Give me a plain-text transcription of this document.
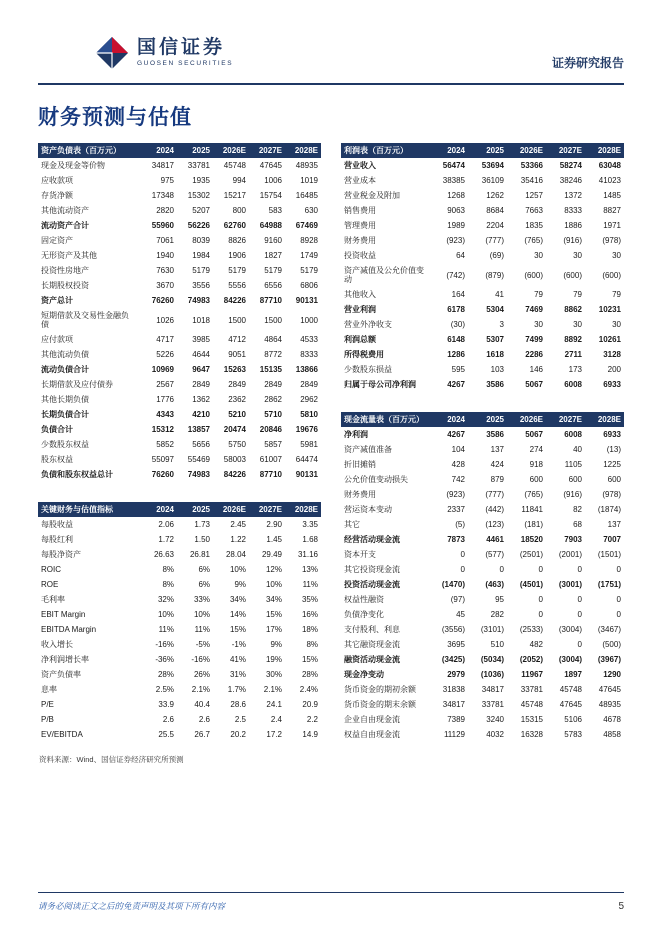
国信证券
GUOSEN SECURITIES	证券研究报告
财务预测与估值
资产负债表（百万元）	2024	2025	2026E	2027E	2028E
现金及现金等价物	34817	33781	45748	47645	48935
应收款项	975	1935	994	1006	1019
存货净额	17348	15302	15217	15754	16485
其他流动资产	2820	5207	800	583	630
流动资产合计	55960	56226	62760	64988	67469
固定资产	7061	8039	8826	9160	8928
无形资产及其他	1940	1984	1906	1827	1749
投资性房地产	7630	5179	5179	5179	5179
长期股权投资	3670	3556	5556	6556	6806
资产总计	76260	74983	84226	87710	90131
短期借款及交易性金融负债	1026	1018	1500	1500	1000
应付款项	4717	3985	4712	4864	4533
其他流动负债	5226	4644	9051	8772	8333
流动负债合计	10969	9647	15263	15135	13866
长期借款及应付债券	2567	2849	2849	2849	2849
其他长期负债	1776	1362	2362	2862	2962
长期负债合计	4343	4210	5210	5710	5810
负债合计	15312	13857	20474	20846	19676
少数股东权益	5852	5656	5750	5857	5981
股东权益	55097	55469	58003	61007	64474
负债和股东权益总计	76260	74983	84226	87710	90131
关键财务与估值指标	2024	2025	2026E	2027E	2028E
每股收益	2.06	1.73	2.45	2.90	3.35
每股红利	1.72	1.50	1.22	1.45	1.68
每股净资产	26.63	26.81	28.04	29.49	31.16
ROIC	8%	6%	10%	12%	13%
ROE	8%	6%	9%	10%	11%
毛利率	32%	33%	34%	34%	35%
EBIT Margin	10%	10%	14%	15%	16%
EBITDA Margin	11%	11%	15%	17%	18%
收入增长	-16%	-5%	-1%	9%	8%
净利润增长率	-36%	-16%	41%	19%	15%
资产负债率	28%	26%	31%	30%	28%
息率	2.5%	2.1%	1.7%	2.1%	2.4%
P/E	33.9	40.4	28.6	24.1	20.9
P/B	2.6	2.6	2.5	2.4	2.2
EV/EBITDA	25.5	26.7	20.2	17.2	14.9
资料来源：Wind、国信证券经济研究所预测
利润表（百万元）	2024	2025	2026E	2027E	2028E
营业收入	56474	53694	53366	58274	63048
营业成本	38385	36109	35416	38246	41023
营业税金及附加	1268	1262	1257	1372	1485
销售费用	9063	8684	7663	8333	8827
管理费用	1989	2204	1835	1886	1971
财务费用	(923)	(777)	(765)	(916)	(978)
投资收益	64	(69)	30	30	30
资产减值及公允价值变动	(742)	(879)	(600)	(600)	(600)
其他收入	164	41	79	79	79
营业利润	6178	5304	7469	8862	10231
营业外净收支	(30)	3	30	30	30
利润总额	6148	5307	7499	8892	10261
所得税费用	1286	1618	2286	2711	3128
少数股东损益	595	103	146	173	200
归属于母公司净利润	4267	3586	5067	6008	6933
现金流量表（百万元）	2024	2025	2026E	2027E	2028E
净利润	4267	3586	5067	6008	6933
资产减值准备	104	137	274	40	(13)
折旧摊销	428	424	918	1105	1225
公允价值变动损失	742	879	600	600	600
财务费用	(923)	(777)	(765)	(916)	(978)
营运资本变动	2337	(442)	11841	82	(1874)
其它	(5)	(123)	(181)	68	137
经营活动现金流	7873	4461	18520	7903	7007
资本开支	0	(577)	(2501)	(2001)	(1501)
其它投资现金流	0	0	0	0	0
投资活动现金流	(1470)	(463)	(4501)	(3001)	(1751)
权益性融资	(97)	95	0	0	0
负债净变化	45	282	0	0	0
支付股利、利息	(3556)	(3101)	(2533)	(3004)	(3467)
其它融资现金流	3695	510	482	0	(500)
融资活动现金流	(3425)	(5034)	(2052)	(3004)	(3967)
现金净变动	2979	(1036)	11967	1897	1290
货币资金的期初余额	31838	34817	33781	45748	47645
货币资金的期末余额	34817	33781	45748	47645	48935
企业自由现金流	7389	3240	15315	5106	4678
权益自由现金流	11129	4032	16328	5783	4858
请务必阅读正文之后的免责声明及其项下所有内容	5
